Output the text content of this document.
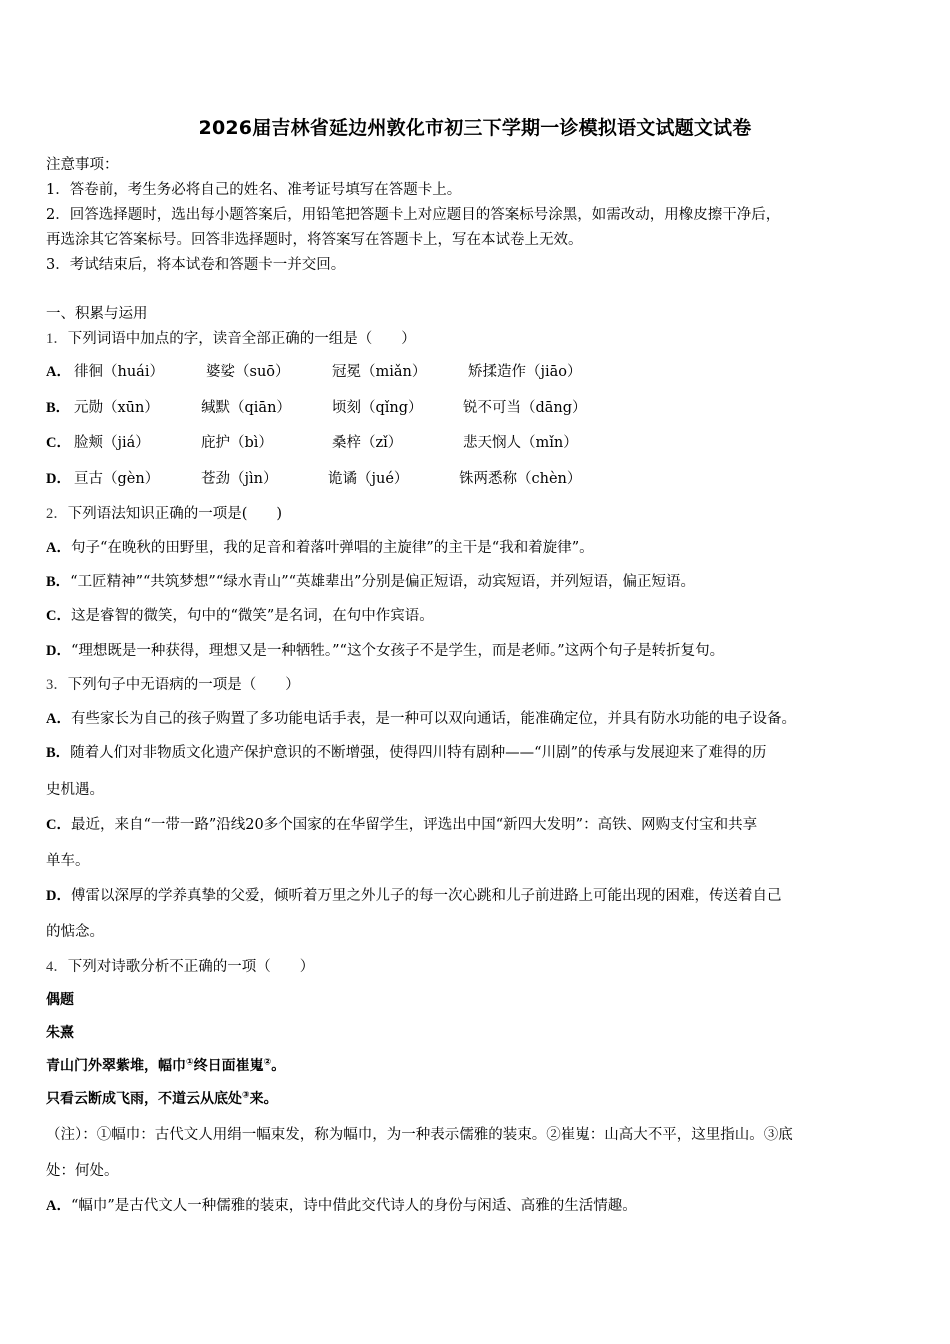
2026届吉林省延边州敦化市初三下学期一诊模拟语文试题文试卷
注意事项：
1．答卷前，考生务必将自己的姓名、准考证号填写在答题卡上。
2．回答选择题时，选出每小题答案后，用铅笔把答题卡上对应题目的答案标号涂黑，如需改动，用橡皮擦干净后，
再选涂其它答案标号。回答非选择题时，将答案写在答题卡上，写在本试卷上无效。
3．考试结束后，将本试卷和答题卡一并交回。
一、积累与运用
1．下列词语中加点的字，读音全部正确的一组是（　　）
A． 徘徊（huái）	婆娑（suō）	冠冕（miǎn）	矫揉造作（jiāo）
B． 元勋（xūn）	缄默（qiān）	顷刻（qǐng）	锐不可当（dāng）
C． 脸颊（jiá）	庇护（bì）	桑梓（zǐ）	悲天悯人（mǐn）
D． 亘古（gèn）	苍劲（jìn）	诡谲（jué）	铢两悉称（chèn）
2．下列语法知识正确的一项是(　　)
A．句子“在晚秋的田野里，我的足音和着落叶弹唱的主旋律”的主干是“我和着旋律”。
B．“工匠精神”“共筑梦想”“绿水青山”“英雄辈出”分别是偏正短语，动宾短语，并列短语，偏正短语。
C．这是睿智的微笑，句中的“微笑”是名词，在句中作宾语。
D．“理想既是一种获得，理想又是一种牺牲。”“这个女孩子不是学生，而是老师。”这两个句子是转折复句。
3．下列句子中无语病的一项是（　　）
A．有些家长为自己的孩子购置了多功能电话手表，是一种可以双向通话，能准确定位，并具有防水功能的电子设备。
B．随着人们对非物质文化遗产保护意识的不断增强，使得四川特有剧种——“川剧”的传承与发展迎来了难得的历
史机遇。
C．最近，来自“一带一路”沿线20多个国家的在华留学生，评选出中国“新四大发明”：高铁、网购支付宝和共享
单车。
D．傅雷以深厚的学养真挚的父爱，倾听着万里之外儿子的每一次心跳和儿子前进路上可能出现的困难，传送着自己
的惦念。
4．下列对诗歌分析不正确的一项（　　）
偶题
朱熹
青山门外翠紫堆，幅巾①终日面崔嵬②。
只看云断成飞雨，不道云从底处③来。
（注）：①幅巾：古代文人用绢一幅束发，称为幅巾，为一种表示儒雅的装束。②崔嵬：山高大不平，这里指山。③底
处：何处。
A．“幅巾”是古代文人一种儒雅的装束，诗中借此交代诗人的身份与闲适、高雅的生活情趣。
